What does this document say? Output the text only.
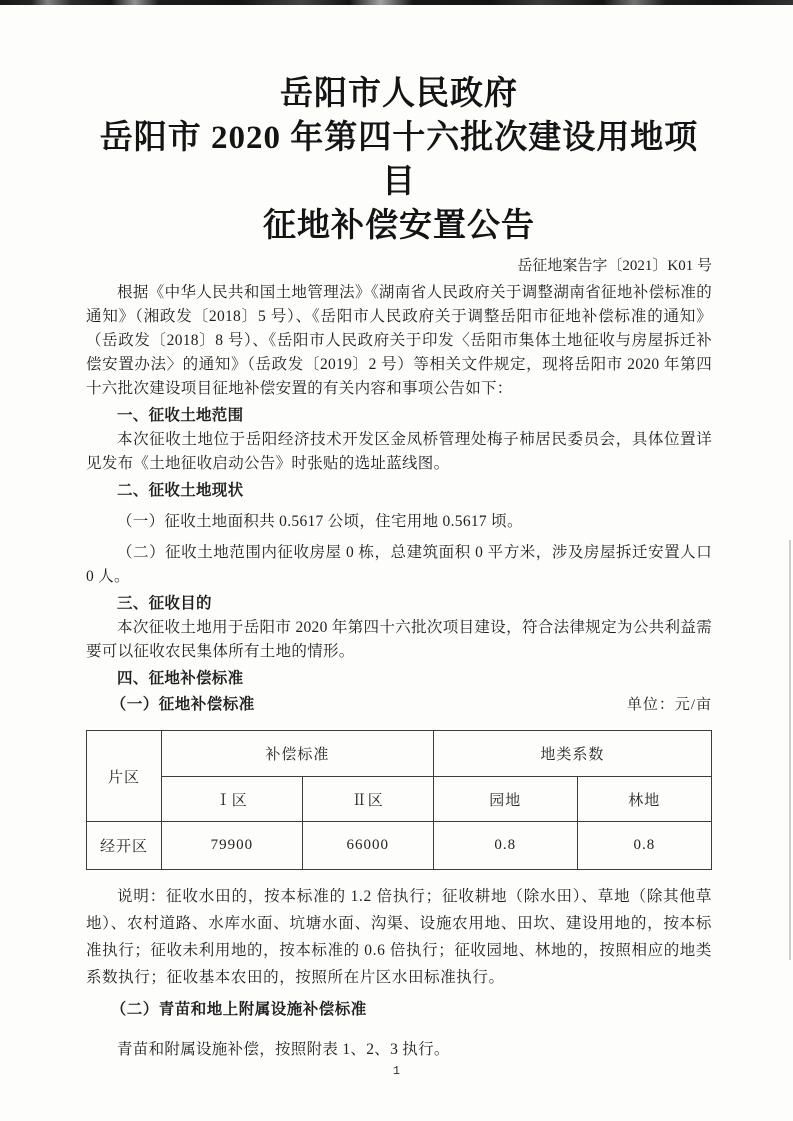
岳阳市人民政府
岳阳市 2020 年第四十六批次建设用地项目
征地补偿安置公告
岳征地案告字〔2021〕K01 号

根据《中华人民共和国土地管理法》《湖南省人民政府关于调整湖南省征地补偿标准的通知》（湘政发〔2018〕5 号）、《岳阳市人民政府关于调整岳阳市征地补偿标准的通知》（岳政发〔2018〕8 号）、《岳阳市人民政府关于印发〈岳阳市集体土地征收与房屋拆迁补偿安置办法〉的通知》（岳政发〔2019〕2 号）等相关文件规定，现将岳阳市 2020 年第四十六批次建设项目征地补偿安置的有关内容和事项公告如下：

一、征收土地范围

本次征收土地位于岳阳经济技术开发区金凤桥管理处梅子柿居民委员会，具体位置详见发布《土地征收启动公告》时张贴的选址蓝线图。

二、征收土地现状

（一）征收土地面积共 0.5617 公顷，住宅用地 0.5617 顷。

（二）征收土地范围内征收房屋 0 栋，总建筑面积 0 平方米，涉及房屋拆迁安置人口 0 人。

三、征收目的

本次征收土地用于岳阳市 2020 年第四十六批次项目建设，符合法律规定为公共利益需要可以征收农民集体所有土地的情形。

四、征地补偿标准

（一）征地补偿标准	单位：元/亩
片区	补偿标准		地类系数	
	Ⅰ区	Ⅱ区	园地	林地
经开区	79900	66000	0.8	0.8

说明：征收水田的，按本标准的 1.2 倍执行；征收耕地（除水田）、草地（除其他草地）、农村道路、水库水面、坑塘水面、沟渠、设施农用地、田坎、建设用地的，按本标准执行；征收未利用地的，按本标准的 0.6 倍执行；征收园地、林地的，按照相应的地类系数执行；征收基本农田的，按照所在片区水田标准执行。

（二）青苗和地上附属设施补偿标准

青苗和附属设施补偿，按照附表 1、2、3 执行。

1
